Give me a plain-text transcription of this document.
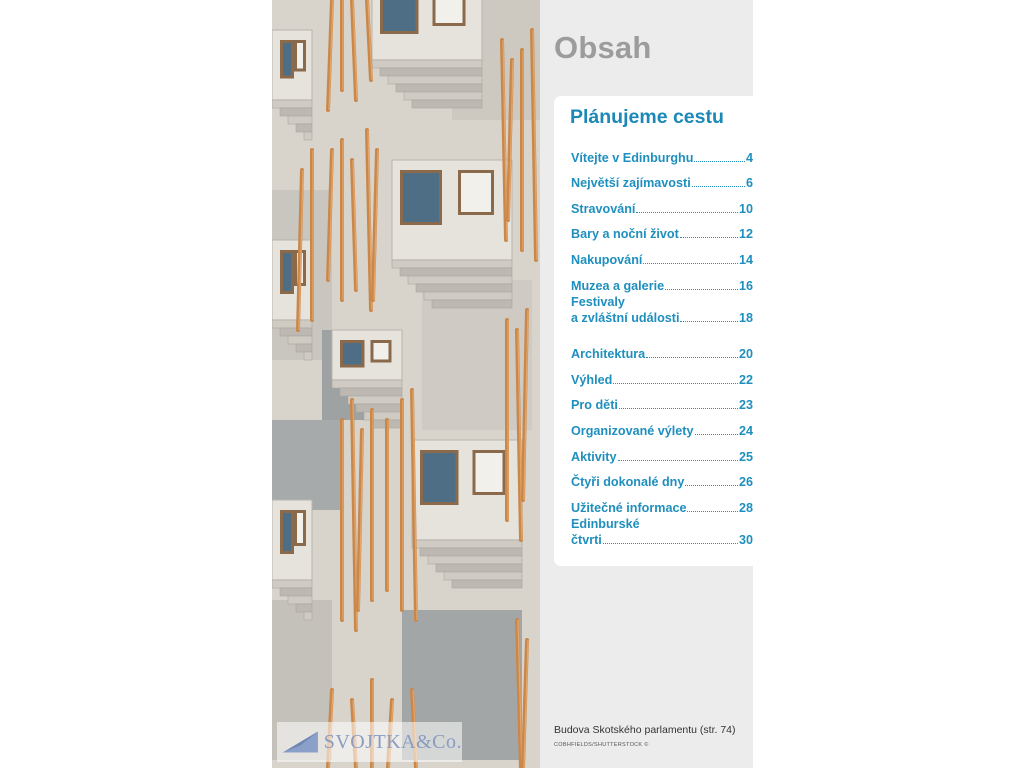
SVOJTKA&Co.
Obsah
Plánujeme cestu
Vítejte v Edinburghu	4
Největší zajímavosti	6
Stravování	10
Bary a noční život	12
Nakupování	14
Muzea a galerie	16
Festivaly
a zvláštní události	18
Architektura	20
Výhled	22
Pro děti	23
Organizované výlety	24
Aktivity	25
Čtyři dokonalé dny	26
Užitečné informace	28
Edinburské
čtvrti	30
Budova Skotského parlamentu (str. 74)
COBHFIELDS/SHUTTERSTOCK ©
